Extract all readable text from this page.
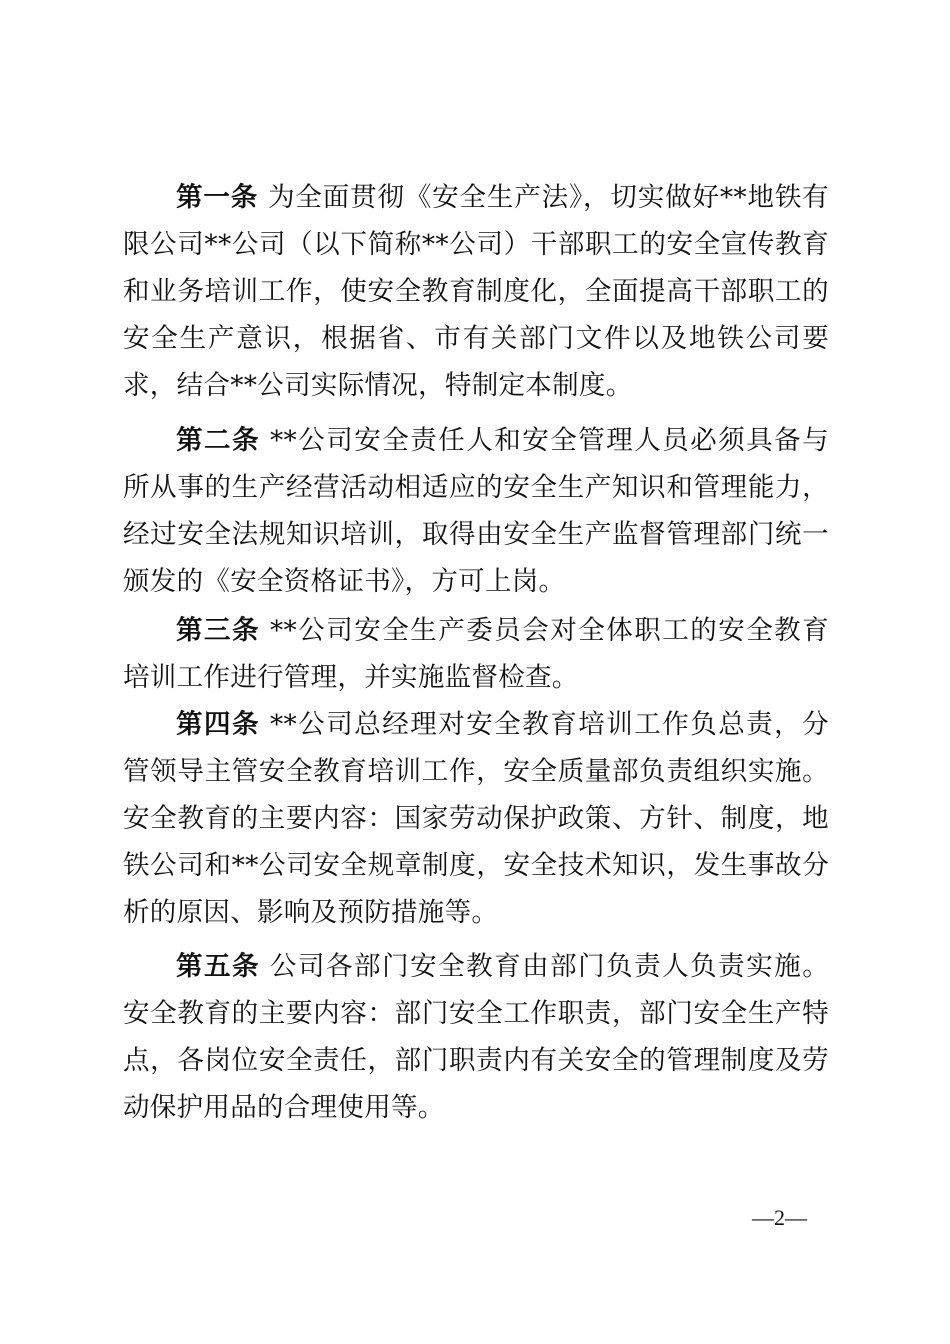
第一条 为全面贯彻《安全生产法》，切实做好**地铁有限公司**公司（以下简称**公司）干部职工的安全宣传教育和业务培训工作，使安全教育制度化，全面提高干部职工的安全生产意识，根据省、市有关部门文件以及地铁公司要求，结合**公司实际情况，特制定本制度。

第二条 **公司安全责任人和安全管理人员必须具备与所从事的生产经营活动相适应的安全生产知识和管理能力，经过安全法规知识培训，取得由安全生产监督管理部门统一颁发的《安全资格证书》，方可上岗。

第三条 **公司安全生产委员会对全体职工的安全教育培训工作进行管理，并实施监督检查。

第四条 **公司总经理对安全教育培训工作负总责，分管领导主管安全教育培训工作，安全质量部负责组织实施。安全教育的主要内容：国家劳动保护政策、方针、制度，地铁公司和**公司安全规章制度，安全技术知识，发生事故分析的原因、影响及预防措施等。

第五条 公司各部门安全教育由部门负责人负责实施。安全教育的主要内容：部门安全工作职责，部门安全生产特点，各岗位安全责任，部门职责内有关安全的管理制度及劳动保护用品的合理使用等。

—2—
